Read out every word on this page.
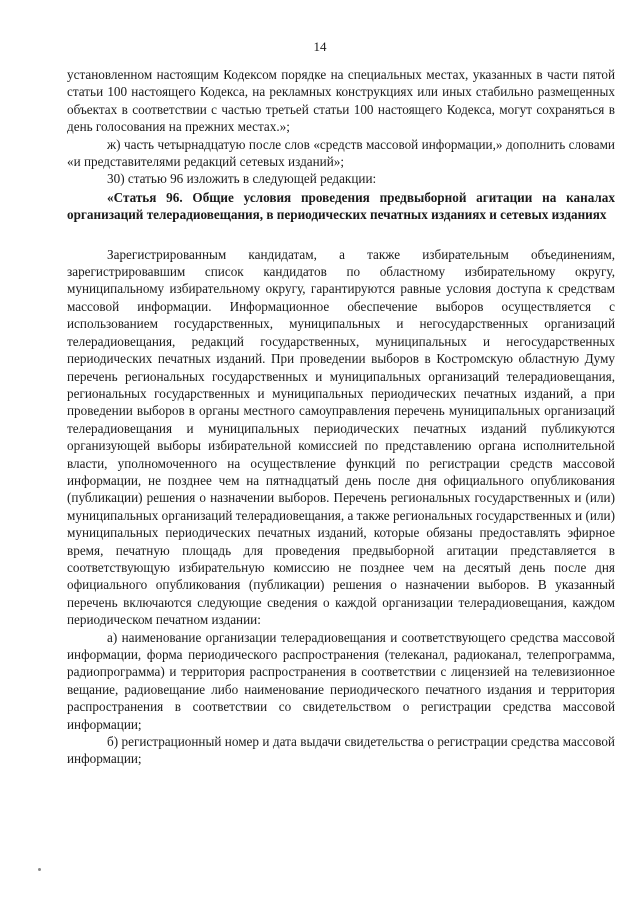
14

установленном настоящим Кодексом порядке на специальных местах, указанных в части пятой статьи 100 настоящего Кодекса, на рекламных конструкциях или иных стабильно размещенных объектах в соответствии с частью третьей статьи 100 настоящего Кодекса, могут сохраняться в день голосования на прежних местах.»;

ж) часть четырнадцатую после слов «средств массовой информации,» дополнить словами «и представителями редакций сетевых изданий»;

30) статью 96 изложить в следующей редакции:

«Статья 96. Общие условия проведения предвыборной агитации на каналах организаций телерадиовещания, в периодических печатных изданиях и сетевых изданиях

Зарегистрированным кандидатам, а также избирательным объединениям, зарегистрировавшим список кандидатов по областному избирательному округу, муниципальному избирательному округу, гарантируются равные условия доступа к средствам массовой информации. Информационное обеспечение выборов осуществляется с использованием государственных, муниципальных и негосударственных организаций телерадиовещания, редакций государственных, муниципальных и негосударственных периодических печатных изданий. При проведении выборов в Костромскую областную Думу перечень региональных государственных и муниципальных организаций телерадиовещания, региональных государственных и муниципальных периодических печатных изданий, а при проведении выборов в органы местного самоуправления перечень муниципальных организаций телерадиовещания и муниципальных периодических печатных изданий публикуются организующей выборы избирательной комиссией по представлению органа исполнительной власти, уполномоченного на осуществление функций по регистрации средств массовой информации, не позднее чем на пятнадцатый день после дня официального опубликования (публикации) решения о назначении выборов. Перечень региональных государственных и (или) муниципальных организаций телерадиовещания, а также региональных государственных и (или) муниципальных периодических печатных изданий, которые обязаны предоставлять эфирное время, печатную площадь для проведения предвыборной агитации представляется в соответствующую избирательную комиссию не позднее чем на десятый день после дня официального опубликования (публикации) решения о назначении выборов. В указанный перечень включаются следующие сведения о каждой организации телерадиовещания, каждом периодическом печатном издании:

а) наименование организации телерадиовещания и соответствующего средства массовой информации, форма периодического распространения (телеканал, радиоканал, телепрограмма, радиопрограмма) и территория распространения в соответствии с лицензией на телевизионное вещание, радиовещание либо наименование периодического печатного издания и территория распространения в соответствии со свидетельством о регистрации средства массовой информации;

б) регистрационный номер и дата выдачи свидетельства о регистрации средства массовой информации;
